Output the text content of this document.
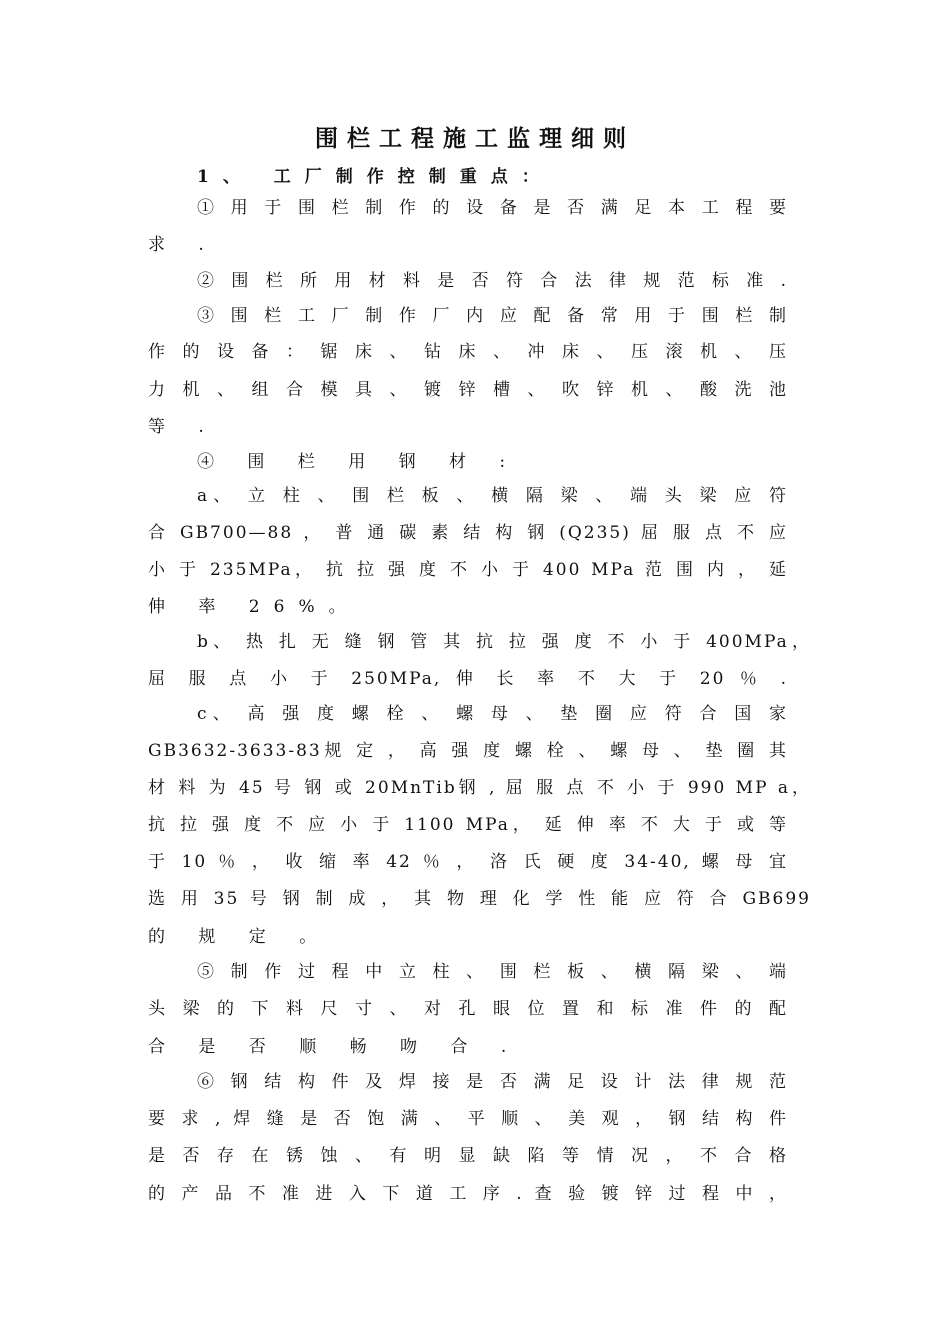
围栏工程施工监理细则
1、 工厂制作控制重点：
① 用 于 围 栏 制 作 的 设 备 是 否 满 足 本 工 程 要
求 .
② 围 栏 所 用 材 料 是 否 符 合 法 律 规 范 标 准 .
③ 围 栏 工 厂 制 作 厂 内 应 配 备 常 用 于 围 栏 制
作 的 设 备 ： 锯 床 、 钻 床 、 冲 床 、 压 滚 机 、 压
力 机 、 组 合 模 具 、 镀 锌 槽 、 吹 锌 机 、 酸 洗 池
等 .
④ 围 栏 用 钢 材 :
a、 立 柱 、 围 栏 板 、 横 隔 梁 、 端 头 梁 应 符
合 GB700—88 ， 普 通 碳 素 结 构 钢 (Q235) 屈 服 点 不 应
小 于 235MPa， 抗 拉 强 度 不 小 于 400 MPa 范 围 内 ， 延
伸 率 26%。
b、 热 扎 无 缝 钢 管 其 抗 拉 强 度 不 小 于 400MPa，
屈 服 点 小 于 250MPa, 伸 长 率 不 大 于 20 ％ .
c、 高 强 度 螺 栓 、 螺 母 、 垫 圈 应 符 合 国 家
GB3632-3633-83规 定 ， 高 强 度 螺 栓 、 螺 母 、 垫 圈 其
材 料 为 45 号 钢 或 20MnTib钢 , 屈 服 点 不 小 于 990 MP a，
抗 拉 强 度 不 应 小 于 1100 MPa， 延 伸 率 不 大 于 或 等
于 10 ％ ， 收 缩 率 42 ％ ， 洛 氏 硬 度 34-40, 螺 母 宜
选 用 35 号 钢 制 成 ， 其 物 理 化 学 性 能 应 符 合 GB699
的 规 定 。
⑤ 制 作 过 程 中 立 柱 、 围 栏 板 、 横 隔 梁 、 端
头 梁 的 下 料 尺 寸 、 对 孔 眼 位 置 和 标 准 件 的 配
合 是 否 顺 畅 吻 合 .
⑥ 钢 结 构 件 及 焊 接 是 否 满 足 设 计 法 律 规 范
要 求 , 焊 缝 是 否 饱 满 、 平 顺 、 美 观 ， 钢 结 构 件
是 否 存 在 锈 蚀 、 有 明 显 缺 陷 等 情 况 ， 不 合 格
的 产 品 不 准 进 入 下 道 工 序 . 查 验 镀 锌 过 程 中 ，
